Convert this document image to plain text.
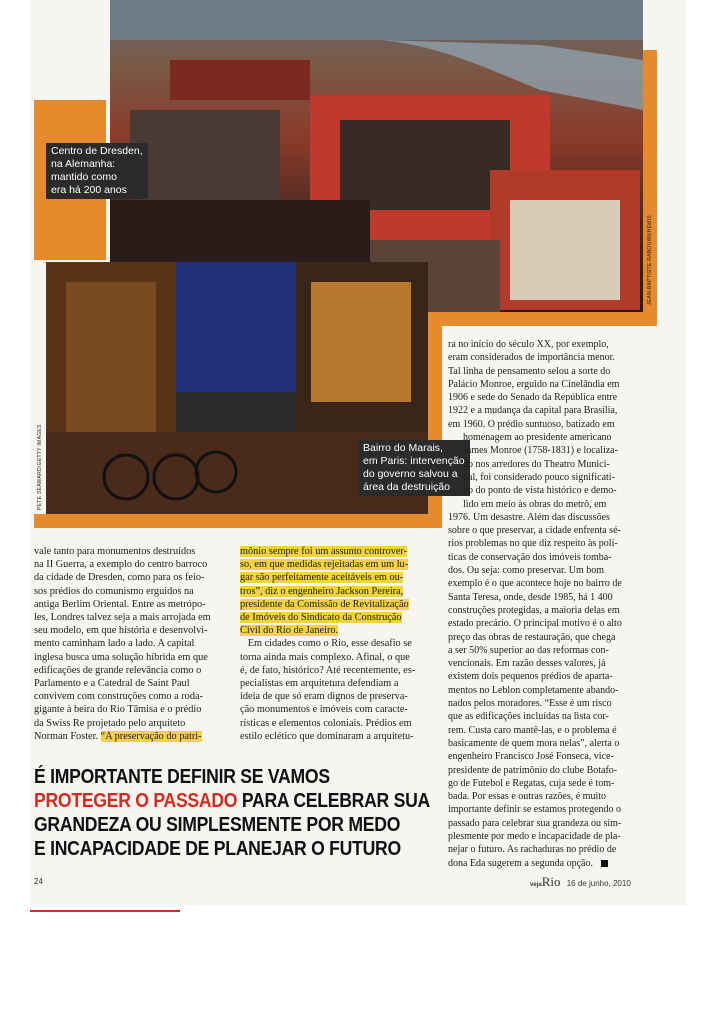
Centro de Dresden,
na Alemanha:
mantido como
era há 200 anos
Bairro do Marais,
em Paris: intervenção
do governo salvou a
área da destruição
JEAN-BAPTISTE RABOUAN/HEMIS
PETE SEAWARD/GETTY IMAGES
vale tanto para monumentos destruídos
na II Guerra, a exemplo do centro barroco
da cidade de Dresden, como para os feio-
sos prédios do comunismo erguidos na
antiga Berlim Oriental. Entre as metrópo-
les, Londres talvez seja a mais arrojada em
seu modelo, em que história e desenvolvi-
mento caminham lado a lado. A capital
inglesa busca uma solução híbrida em que
edificações de grande relevância como o
Parlamento e a Catedral de Saint Paul
convivem com construções como a roda-
gigante à beira do Rio Tâmisa e o prédio
da Swiss Re projetado pelo arquiteto
Norman Foster. “A preservação do patri-
mônio sempre foi um assunto controver-
so, em que medidas rejeitadas em um lu-
gar são perfeitamente aceitáveis em ou-
tros”, diz o engenheiro Jackson Pereira,
presidente da Comissão de Revitalização
de Imóveis do Sindicato da Construção
Civil do Rio de Janeiro.
Em cidades como o Rio, esse desafio se
torna ainda mais complexo. Afinal, o que
é, de fato, histórico? Até recentemente, es-
pecialistas em arquitetura defendiam a
ideia de que só eram dignos de preserva-
ção monumentos e imóveis com caracte-
rísticas e elementos coloniais. Prédios em
estilo eclético que dominaram a arquitetu-
ra no início do século XX, por exemplo,
eram considerados de importância menor.
Tal linha de pensamento selou a sorte do
Palácio Monroe, erguido na Cinelândia em
1906 e sede do Senado da República entre
1922 e a mudança da capital para Brasília,
em 1960. O prédio suntuoso, batizado em
homenagem ao presidente americano
James Monroe (1758-1831) e localiza-
do nos arredores do Theatro Munici-
pal, foi considerado pouco significati-
vo do ponto de vista histórico e demo-
lido em meio às obras do metrô, em
1976. Um desastre. Além das discussões
sobre o que preservar, a cidade enfrenta sé-
rios problemas no que diz respeito às polí-
ticas de conservação dos imóveis tomba-
dos. Ou seja: como preservar. Um bom
exemplo é o que acontece hoje no bairro de
Santa Teresa, onde, desde 1985, há 1 400
construções protegidas, a maioria delas em
estado precário. O principal motivo é o alto
preço das obras de restauração, que chega
a ser 50% superior ao das reformas con-
vencionais. Em razão desses valores, já
existem dois pequenos prédios de aparta-
mentos no Leblon completamente abando-
nados pelos moradores. “Esse é um risco
que as edificações incluídas na lista cor-
rem. Custa caro mantê-las, e o problema é
basicamente de quem mora nelas”, alerta o
engenheiro Francisco José Fonseca, vice-
presidente de patrimônio do clube Botafo-
go de Futebol e Regatas, cuja sede é tom-
bada. Por essas e outras razões, é muito
importante definir se estamos protegendo o
passado para celebrar sua grandeza ou sim-
plesmente por medo e incapacidade de pla-
nejar o futuro. As rachaduras no prédio de
dona Eda sugerem a segunda opção.
É IMPORTANTE DEFINIR SE VAMOS
PROTEGER O PASSADO PARA CELEBRAR SUA
GRANDEZA OU SIMPLESMENTE POR MEDO
E INCAPACIDADE DE PLANEJAR O FUTURO
24	vejaRio 16 de junho, 2010
